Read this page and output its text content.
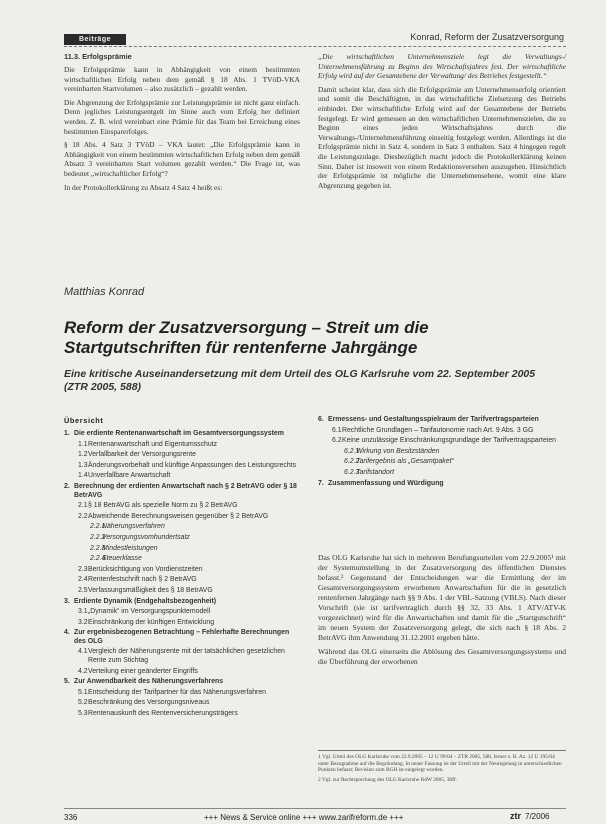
Beiträge	Konrad, Reform der Zusatzversorgung
11.3. Erfolgsprämie

Die Erfolgsprämie kann in Abhängigkeit von einem bestimmten wirtschaftlichen Erfolg neben dem gemäß § 18 Abs. 1 TVöD-VKA vereinbarten Startvolumen – also zusätzlich – gezahlt werden.

Die Abgrenzung der Erfolgsprämie zur Leistungsprämie ist nicht ganz einfach. Denn jegliches Leistungsentgelt im Sinne auch vom Erfolg her definiert werden. Z. B. wird vereinbart eine Prämie für das Team bei Erreichung eines bestimmten Einsparerfolges.

§ 18 Abs. 4 Satz 3 TVöD – VKA lautet: „Die Erfolgsprämie kann in Abhängigkeit von einem bestimmten wirtschaftlichen Erfolg neben dem gemäß Absatz 3 vereinbarten Start volumen gezahlt werden.“ Die Frage ist, was bedeutet „wirtschaftlicher Erfolg“?

In der Protokollerklärung zu Absatz 4 Satz 4 heißt es:

„Die wirtschaftlichen Unternehmensziele legt die Verwaltungs-/ Unternehmensführung zu Beginn des Wirtschaftsjahres fest. Der wirtschaftliche Erfolg wird auf der Gesamtebene der Verwaltung/ des Betriebes festgestellt.“

Damit scheint klar, dass sich die Erfolgsprämie am Unternehmenserfolg orientiert und somit die Beschäftigten, in das wirtschaftliche Zielsetzung des Betriebs einbindet. Der wirtschaftliche Erfolg wird auf der Gesamtebene der Betriebs festgelegt. Er wird gemessen an den wirtschaftlichen Unternehmenszielen, die zu Beginn eines jeden Wirtschaftsjahres durch die Verwaltungs-/Unternehmensführung einseitig festgelegt werden. Allerdings ist die Erfolgsprämie nicht in Satz 4, sondern in Satz 3 enthalten. Satz 4 hingegen regelt die Leistungszulage. Diesbezüglich macht jedoch die Protokollerklärung keinen Sinn. Daher ist insoweit von einem Redaktionsversehen auszugehen. Hinsichtlich der Erfolgsprämie ist mögliche die Unternehmensebene, womit eine klare Abgrenzung gegeben ist.

Matthias Konrad
Reform der Zusatzversorgung – Streit um die Startgutschriften für rentenferne Jahrgänge
Eine kritische Auseinandersetzung mit dem Urteil des OLG Karlsruhe vom 22. September 2005 (ZTR 2005, 588)
Übersicht
1. Die erdiente Rentenanwartschaft im Gesamtversorgungssystem
1.1 Rentenanwartschaft und Eigentumsschutz
1.2 Verfallbarkeit der Versorgungsrente
1.3 Änderungsvorbehalt und künftige Anpassungen des Leistungsrechts
1.4 Unverfallbare Anwartschaft
2. Berechnung der erdienten Anwartschaft nach § 2 BetrAVG oder § 18 BetrAVG
2.1 § 18 BetrAVG als spezielle Norm zu § 2 BetrAVG
2.2 Abweichende Berechnungsweisen gegenüber § 2 BetrAVG
2.2.1
Näherungsverfahren
2.2.2
Versorgungsvomhundertsatz
2.2.3
Mindestleistungen
2.2.4
Steuerklasse
2.3 Berücksichtigung von Vordienstzeiten
2.4 Rentenfestschrift nach § 2 BetrAVG
2.5 Verfassungsmäßigkeit des § 18 BetrAVG
3. Erdiente Dynamik (Endgehaltsbezogenheit)
3.1 „Dynamik“ im Versorgungspunktemodell
3.2 Einschränkung der künftigen Entwicklung
4. Zur ergebnisbezogenen Betrachtung – Fehlerhafte Berechnungen des OLG
4.1 Vergleich der Näherungsrente mit der tatsächlichen gesetzlichen Rente zum Stichtag
4.2 Verteilung einer geänderter Eingriffs
5. Zur Anwendbarkeit des Näherungsverfahrens
5.1 Entscheidung der Tarifpartner für das Näherungsverfahren
5.2 Beschränkung des Versorgungsniveaus
5.3 Rentenauskunft des Rentenversicherungsträgers
6. Ermessens- und Gestaltungsspielraum der Tarifvertragsparteien
6.1 Rechtliche Grundlagen – Tarifautonomie nach Art. 9 Abs. 3 GG
6.2 Keine unzulässige Einschränkungsgrundlage der Tarifvertragsparteien
6.2.1
Wirkung von Besitzständen
6.2.2
Tarifergebnis als „Gesamtpaket“
6.2.3
Tarifstandort
7. Zusammenfassung und Würdigung

Das OLG Karlsruhe hat sich in mehreren Berufungsurteilen vom 22.9.2005¹ mit der Systemumstellung in der Zusatzversorgung des öffentlichen Dienstes befasst.² Gegenstand der Entscheidungen war die Ermittlung der im Gesamtversorgungssystem erworbenen Anwartschaften für die in gesetzlich rentenfernen Jahrgänge nach §§ 9 Abs. 1 der VBL-Satzung (VBLS). Nach dieser Vorschrift (sie ist tarifvertraglich durch §§ 32, 33 Abs. 1 ATV/ATV-K vorgezeichnet) wird für die Anwartschaften und damit für die „Startgutschrift“ im neuen System der Zusatzversorgung gelegt, die sich nach § 18 Abs. 2 BetrAVG ihm Anwendung 31.12.2001 ergeben hätte.

Während das OLG einerseits die Ablösung des Gesamtversorgungssystems und die Überführung der erworbenen

1 Vgl. Urteil des OLG Karlsruhe vom 22.9.2005 – 12 U 99/04 – ZTR 2005, 588, ferner z. B. Az. 12 U 195/04 unter Bezugnahme auf die Begründung. In neuer Fassung ist der Urteil mit der Neuregelung in unterschiedlichen Punkten befasst; Revision zum BGH ist eingelegt worden.
2 Vgl. zur Rechtsprechung des OLG Karlsruhe RdW 2005, 38ff.
336	+++ News & Service online +++ www.zarifreform.de +++	ztr 7/2006
